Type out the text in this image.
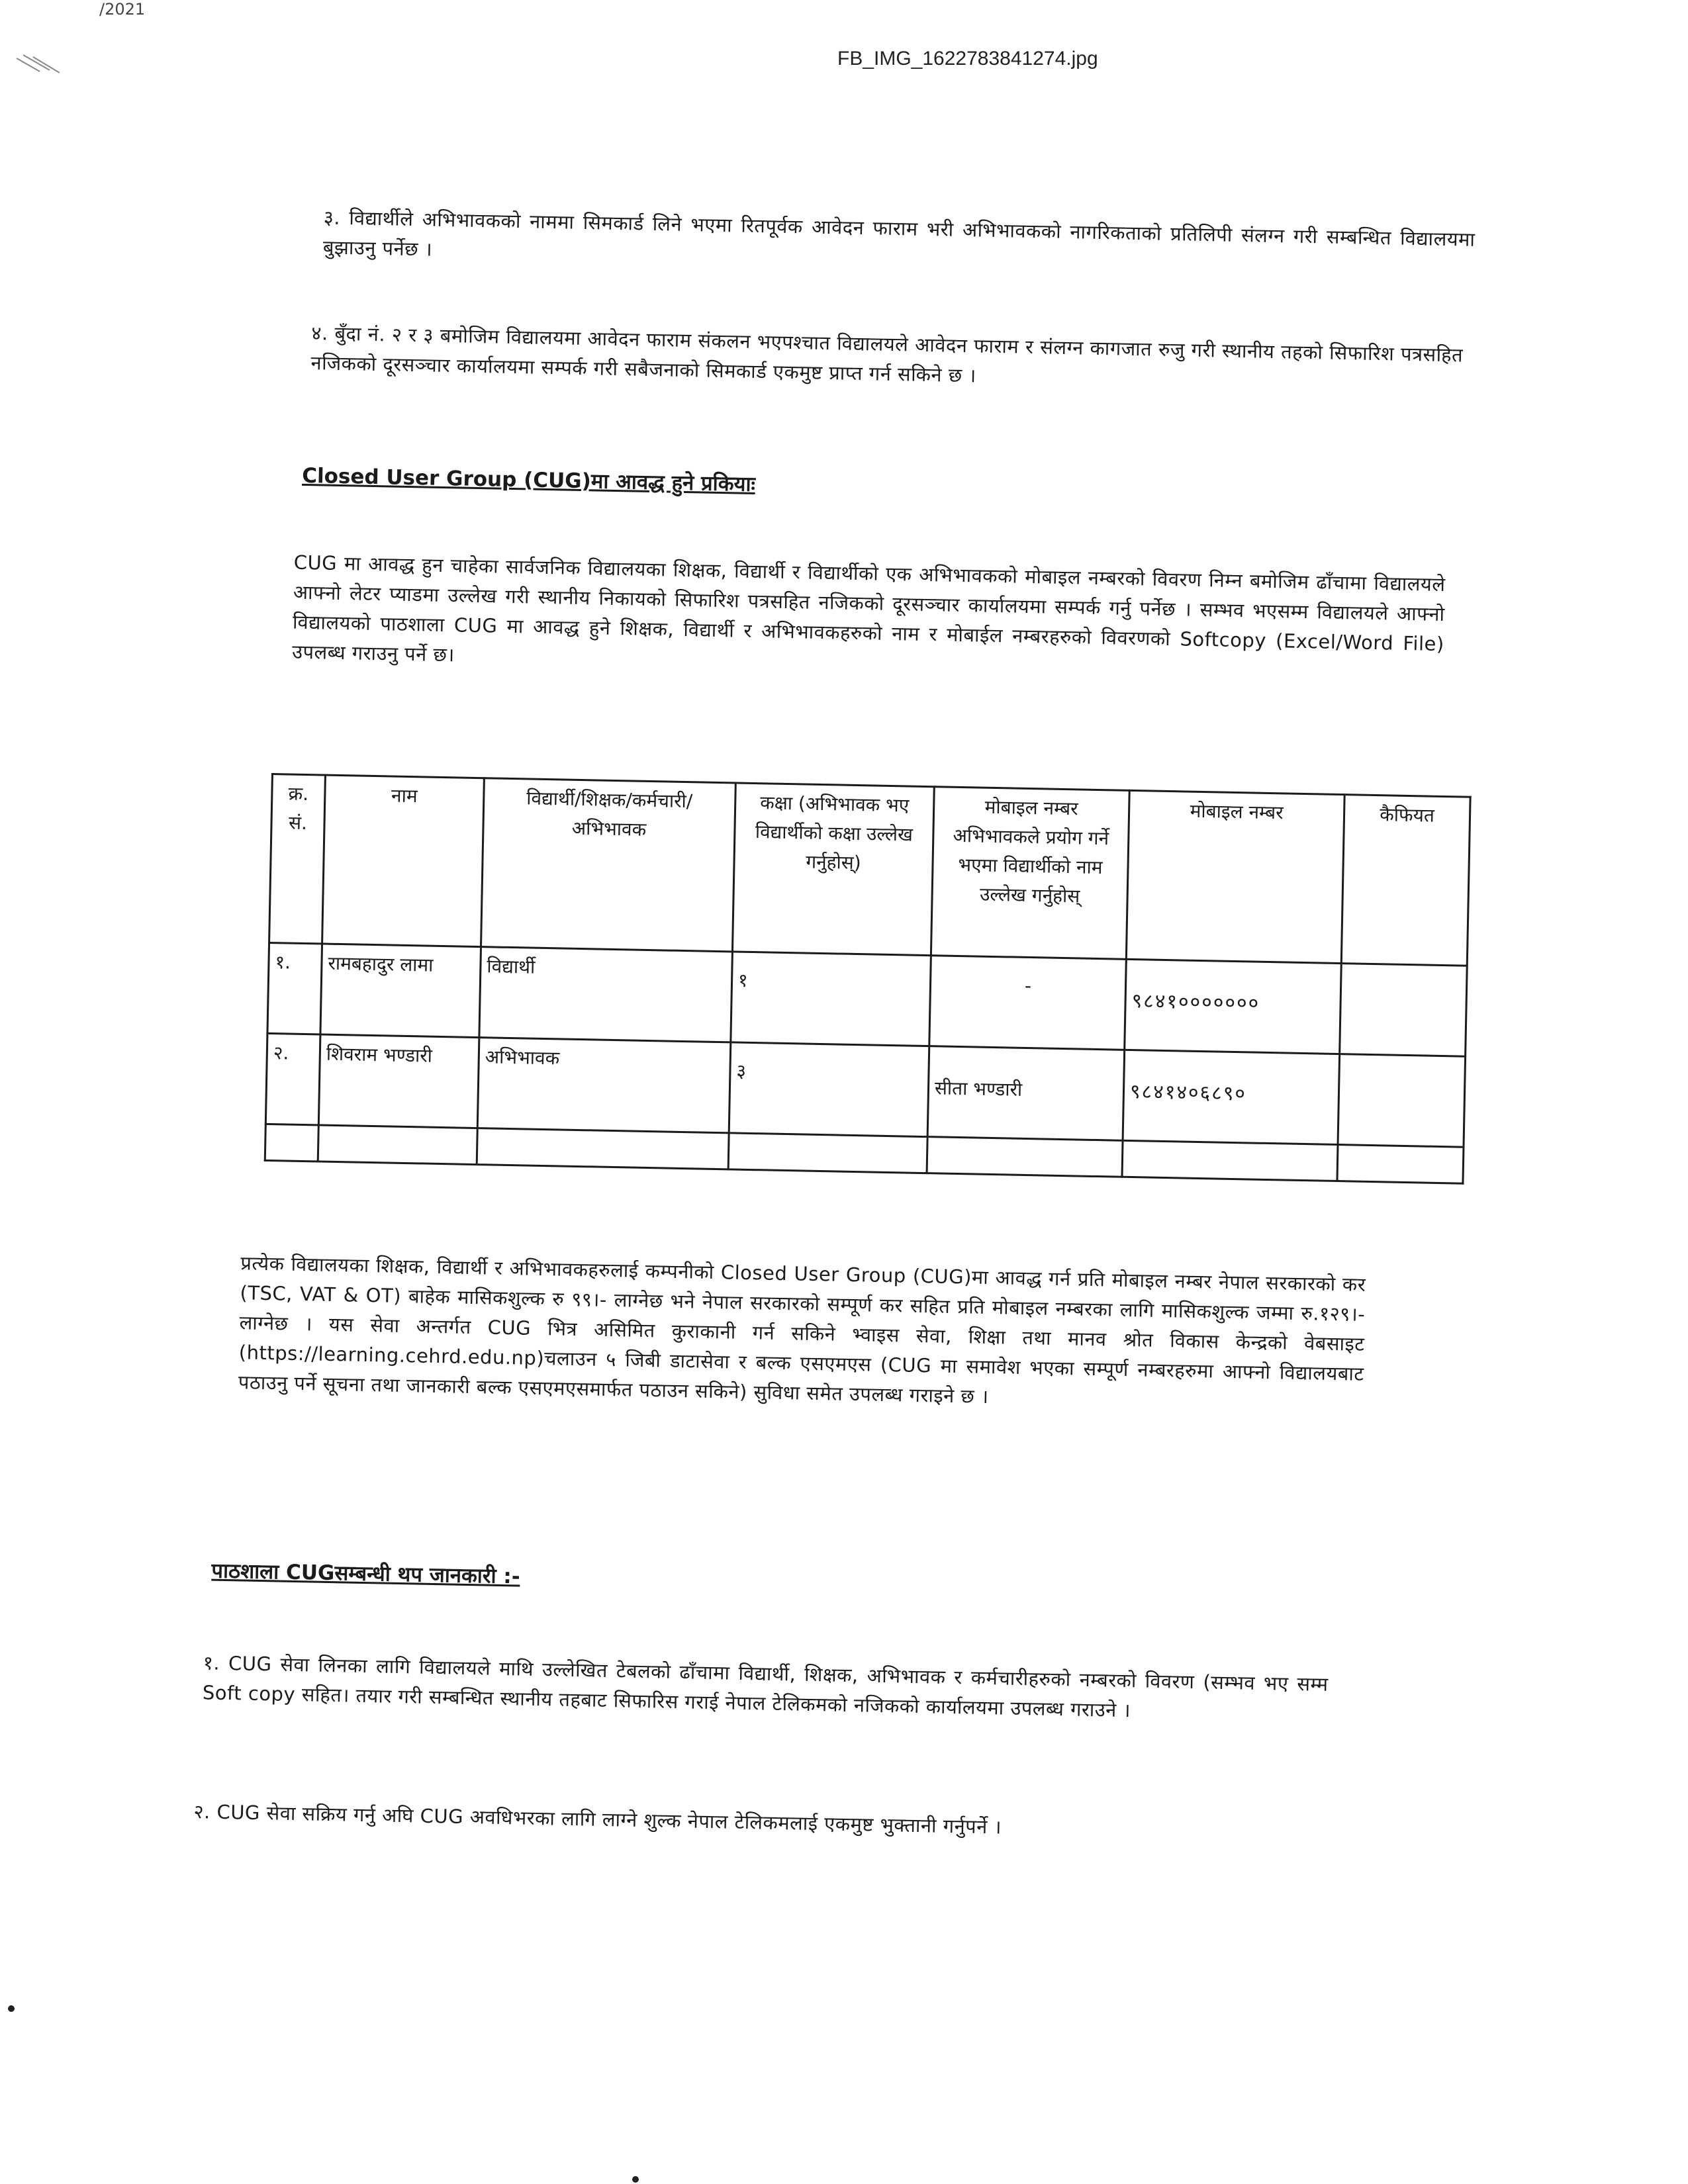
/2021
FB_IMG_1622783841274.jpg

३. विद्यार्थीले अभिभावकको नाममा सिमकार्ड लिने भएमा रितपूर्वक आवेदन फाराम भरी अभिभावकको नागरिकताको प्रतिलिपी संलग्न गरी सम्बन्धित विद्यालयमा बुझाउनु पर्नेछ ।

४. बुँदा नं. २ र ३ बमोजिम विद्यालयमा आवेदन फाराम संकलन भएपश्चात विद्यालयले आवेदन फाराम र संलग्न कागजात रुजु गरी स्थानीय तहको सिफारिश पत्रसहित नजिकको दूरसञ्चार कार्यालयमा सम्पर्क गरी सबैजनाको सिमकार्ड एकमुष्ट प्राप्त गर्न सकिने छ ।

Closed User Group (CUG)मा आवद्ध हुने प्रकियाः

CUG मा आवद्ध हुन चाहेका सार्वजनिक विद्यालयका शिक्षक, विद्यार्थी र विद्यार्थीको एक अभिभावकको मोबाइल नम्बरको विवरण निम्न बमोजिम ढाँचामा विद्यालयले आफ्नो लेटर प्याडमा उल्लेख गरी स्थानीय निकायको सिफारिश पत्रसहित नजिकको दूरसञ्चार कार्यालयमा सम्पर्क गर्नु पर्नेछ । सम्भव भएसम्म विद्यालयले आफ्नो विद्यालयको पाठशाला CUG मा आवद्ध हुने शिक्षक, विद्यार्थी र अभिभावकहरुको नाम र मोबाईल नम्बरहरुको विवरणको Softcopy (Excel/Word File) उपलब्ध गराउनु पर्ने छ।

क्र. सं.	नाम	विद्यार्थी/शिक्षक/कर्मचारी/ अभिभावक	कक्षा (अभिभावक भए विद्यार्थीको कक्षा उल्लेख गर्नुहोस्)	मोबाइल नम्बर अभिभावकले प्रयोग गर्ने भएमा विद्यार्थीको नाम उल्लेख गर्नुहोस्	मोबाइल नम्बर	कैफियत
१.	रामबहादुर लामा	विद्यार्थी	१	-	९८४१०००००००	
२.	शिवराम भण्डारी	अभिभावक	३	सीता भण्डारी	९८४१४०६८९०	

प्रत्येक विद्यालयका शिक्षक, विद्यार्थी र अभिभावकहरुलाई कम्पनीको Closed User Group (CUG)मा आवद्ध गर्न प्रति मोबाइल नम्बर नेपाल सरकारको कर (TSC, VAT & OT) बाहेक मासिकशुल्क रु ९९।- लाग्नेछ भने नेपाल सरकारको सम्पूर्ण कर सहित प्रति मोबाइल नम्बरका लागि मासिकशुल्क जम्मा रु.१२९।- लाग्नेछ । यस सेवा अन्तर्गत CUG भित्र असिमित कुराकानी गर्न सकिने भ्वाइस सेवा, शिक्षा तथा मानव श्रोत विकास केन्द्रको वेबसाइट (https://learning.cehrd.edu.np)चलाउन ५ जिबी डाटासेवा र बल्क एसएमएस (CUG मा समावेश भएका सम्पूर्ण नम्बरहरुमा आफ्नो विद्यालयबाट पठाउनु पर्ने सूचना तथा जानकारी बल्क एसएमएसमार्फत पठाउन सकिने) सुविधा समेत उपलब्ध गराइने छ ।

पाठशाला CUGसम्बन्धी थप जानकारी :-

१. CUG सेवा लिनका लागि विद्यालयले माथि उल्लेखित टेबलको ढाँचामा विद्यार्थी, शिक्षक, अभिभावक र कर्मचारीहरुको नम्बरको विवरण (सम्भव भए सम्म Soft copy सहित। तयार गरी सम्बन्धित स्थानीय तहबाट सिफारिस गराई नेपाल टेलिकमको नजिकको कार्यालयमा उपलब्ध गराउने ।

२. CUG सेवा सक्रिय गर्नु अघि CUG अवधिभरका लागि लाग्ने शुल्क नेपाल टेलिकमलाई एकमुष्ट भुक्तानी गर्नुपर्ने ।
